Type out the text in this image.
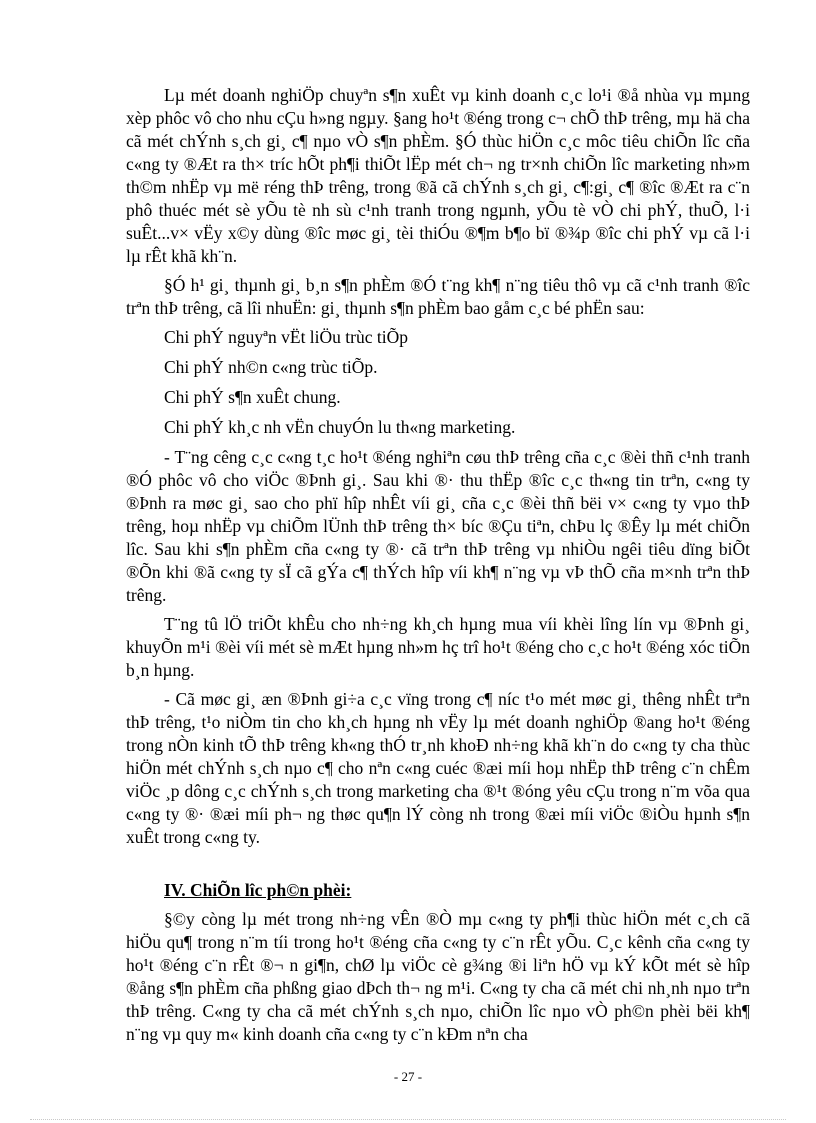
Lµ mét doanh nghiÖp chuyªn s¶n xuÊt vµ kinh doanh c¸c lo¹i ®å nhùa vµ mµng xèp phôc vô cho nhu cÇu h»ng ngµy. §ang ho¹t ®éng trong c¬ chÕ thÞ trêng, mµ hä cha cã mét chÝnh s¸ch gi¸ c¶ nµo vÒ s¶n phÈm. §Ó thùc hiÖn c¸c môc tiêu chiÕn lîc cña c«ng ty ®Æt ra th× tríc hÕt ph¶i thiÕt lËp mét ch¬ ng tr×nh chiÕn lîc marketing nh»m th©m nhËp vµ më réng thÞ trêng, trong ®ã cã chÝnh s¸ch gi¸ c¶:gi¸ c¶ ®îc ®Æt ra c¨n phô thuéc mét sè yÕu tè nh sù c¹nh tranh trong ngµnh, yÕu tè vÒ chi phÝ, thuÕ, l·i suÊt...v× vËy x©y dùng ®îc møc gi¸ tèi thiÓu ®¶m b¶o bï ®¾p ®îc chi phÝ vµ cã l·i lµ rÊt khã kh¨n.

§Ó h¹ gi¸ thµnh gi¸ b¸n s¶n phÈm ®Ó t¨ng kh¶ n¨ng tiêu thô vµ cã c¹nh tranh ®îc trªn thÞ trêng, cã lîi nhuËn: gi¸ thµnh s¶n phÈm bao gåm c¸c bé phËn sau:

Chi phÝ nguyªn vËt liÖu trùc tiÕp
Chi phÝ nh©n c«ng trùc tiÕp.
Chi phÝ s¶n xuÊt chung.
Chi phÝ kh¸c nh vËn chuyÓn lu th«ng marketing.

- T¨ng cêng c¸c c«ng t¸c ho¹t ®éng nghiªn cøu thÞ trêng cña c¸c ®èi thñ c¹nh tranh ®Ó phôc vô cho viÖc ®Þnh gi¸. Sau khi ®· thu thËp ®îc c¸c th«ng tin trªn, c«ng ty ®Þnh ra møc gi¸ sao cho phï hîp nhÊt víi gi¸ cña c¸c ®èi thñ bëi v× c«ng ty vµo thÞ trêng, hoµ nhËp vµ chiÕm lÜnh thÞ trêng th× bíc ®Çu tiªn, chÞu lç ®Êy lµ mét chiÕn lîc. Sau khi s¶n phÈm cña c«ng ty ®· cã trªn thÞ trêng vµ nhiÒu ngêi tiêu dïng biÕt ®Õn khi ®ã c«ng ty sÏ cã gÝa c¶ thÝch hîp víi kh¶ n¨ng vµ vÞ thÕ cña m×nh trªn thÞ trêng.

T¨ng tû lÖ triÕt khÊu cho nh÷ng kh¸ch hµng mua víi khèi lîng lín vµ ®Þnh gi¸ khuyÕn m¹i ®èi víi mét sè mÆt hµng nh»m hç trî ho¹t ®éng cho c¸c ho¹t ®éng xóc tiÕn b¸n hµng.

- Cã møc gi¸ æn ®Þnh gi÷a c¸c vïng trong c¶ níc t¹o mét møc gi¸ thêng nhÊt trªn thÞ trêng, t¹o niÒm tin cho kh¸ch hµng nh vËy lµ mét doanh nghiÖp ®ang ho¹t ®éng trong nÒn kinh tÕ thÞ trêng kh«ng thÓ tr¸nh khoÐ nh÷ng khã kh¨n do c«ng ty cha thùc hiÖn mét chÝnh s¸ch nµo c¶ cho nªn c«ng cuéc ®æi míi hoµ nhËp thÞ trêng c¨n chÊm viÖc ¸p dông c¸c chÝnh s¸ch trong marketing cha ®¹t ®óng yêu cÇu trong n¨m võa qua c«ng ty ®· ®æi míi ph¬ ng thøc qu¶n lÝ còng nh trong ®æi míi viÖc ®iÒu hµnh s¶n xuÊt trong c«ng ty.

IV. ChiÕn lîc ph©n phèi:

§©y còng lµ mét trong nh÷ng vÊn ®Ò mµ c«ng ty ph¶i thùc hiÖn mét c¸ch cã hiÖu qu¶ trong n¨m tíi trong ho¹t ®éng cña c«ng ty c¨n rÊt yÕu. C¸c kênh cña c«ng ty ho¹t ®éng c¨n rÊt ®¬ n gi¶n, chØ lµ viÖc cè g¾ng ®i liªn hÖ vµ kÝ kÕt mét sè hîp ®ång s¶n phÈm cña phßng giao dÞch th¬ ng m¹i. C«ng ty cha cã mét chi nh¸nh nµo trªn thÞ trêng. C«ng ty cha cã mét chÝnh s¸ch nµo, chiÕn lîc nµo vÒ ph©n phèi bëi kh¶ n¨ng vµ quy m« kinh doanh cña c«ng ty c¨n kÐm nªn cha

- 27 -
